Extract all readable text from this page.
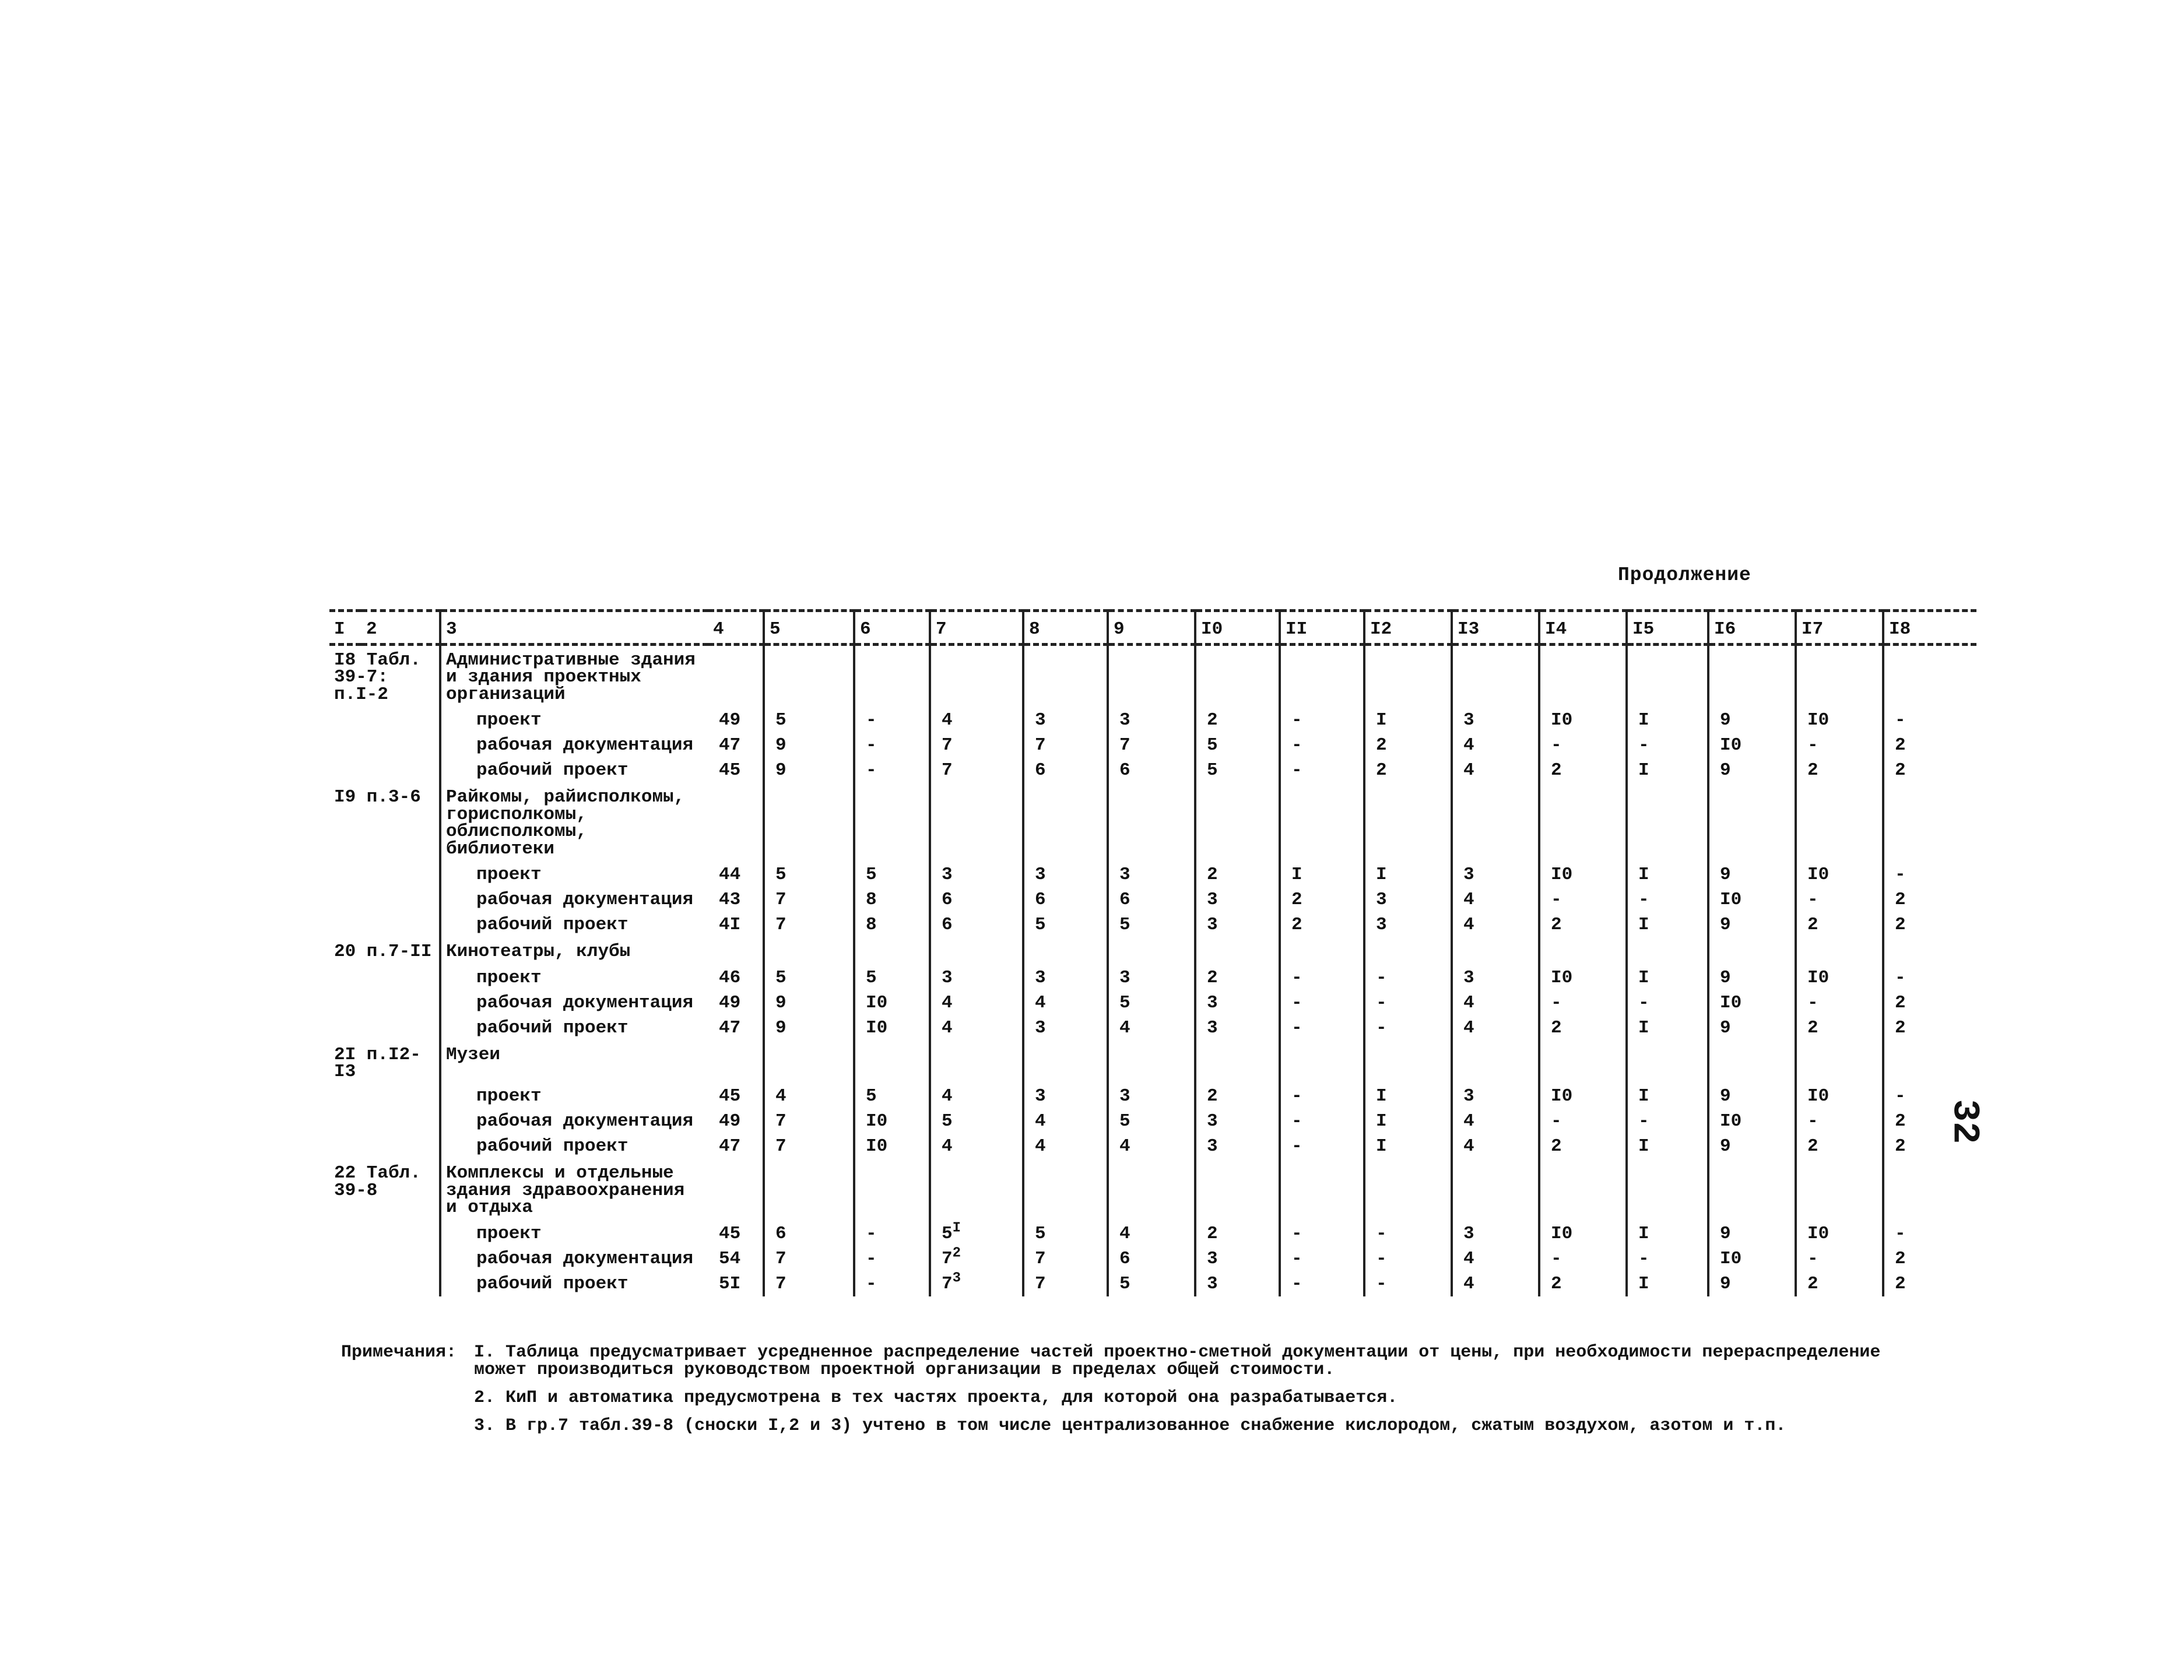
Продолжение
32
I	2	3	4	5	6	7	8	9	I0	II	I2	I3	I4	I5	I6	I7	I8
I8 Табл. 39-7: п.I-2		Административные здания и здания проектных организаций															
		проект	49	5	-	4	3	3	2	-	I	3	I0	I	9	I0	-
		рабочая документация	47	9	-	7	7	7	5	-	2	4	-	-	I0	-	2
		рабочий проект	45	9	-	7	6	6	5	-	2	4	2	I	9	2	2
I9 п.3-6		Райкомы, райисполкомы, горисполкомы, облисполкомы, библиотеки															
		проект	44	5	5	3	3	3	2	I	I	3	I0	I	9	I0	-
		рабочая документация	43	7	8	6	6	6	3	2	3	4	-	-	I0	-	2
		рабочий проект	4I	7	8	6	5	5	3	2	3	4	2	I	9	2	2
20 п.7-II		Кинотеатры, клубы															
		проект	46	5	5	3	3	3	2	-	-	3	I0	I	9	I0	-
		рабочая документация	49	9	I0	4	4	5	3	-	-	4	-	-	I0	-	2
		рабочий проект	47	9	I0	4	3	4	3	-	-	4	2	I	9	2	2
2I п.I2-I3		Музеи															
		проект	45	4	5	4	3	3	2	-	I	3	I0	I	9	I0	-
		рабочая документация	49	7	I0	5	4	5	3	-	I	4	-	-	I0	-	2
		рабочий проект	47	7	I0	4	4	4	3	-	I	4	2	I	9	2	2
22 Табл. 39-8		Комплексы и отдельные здания здравоохранения и отдыха															
		проект	45	6	-	5$^I$	5	4	2	-	-	3	I0	I	9	I0	-
		рабочая документация	54	7	-	7$^2$	7	6	3	-	-	4	-	-	I0	-	2
		рабочий проект	5I	7	-	7$^3$	7	5	3	-	-	4	2	I	9	2	2
Примечания: I. Таблица предусматривает усредненное распределение частей проектно-сметной документации от цены, при необходимости перераспределение может производиться руководством проектной организации в пределах общей стоимости.
2. КиП и автоматика предусмотрена в тех частях проекта, для которой она разрабатывается.
3. В гр.7 табл.39-8 (сноски I,2 и 3) учтено в том числе централизованное снабжение кислородом, сжатым воздухом, азотом и т.п.
